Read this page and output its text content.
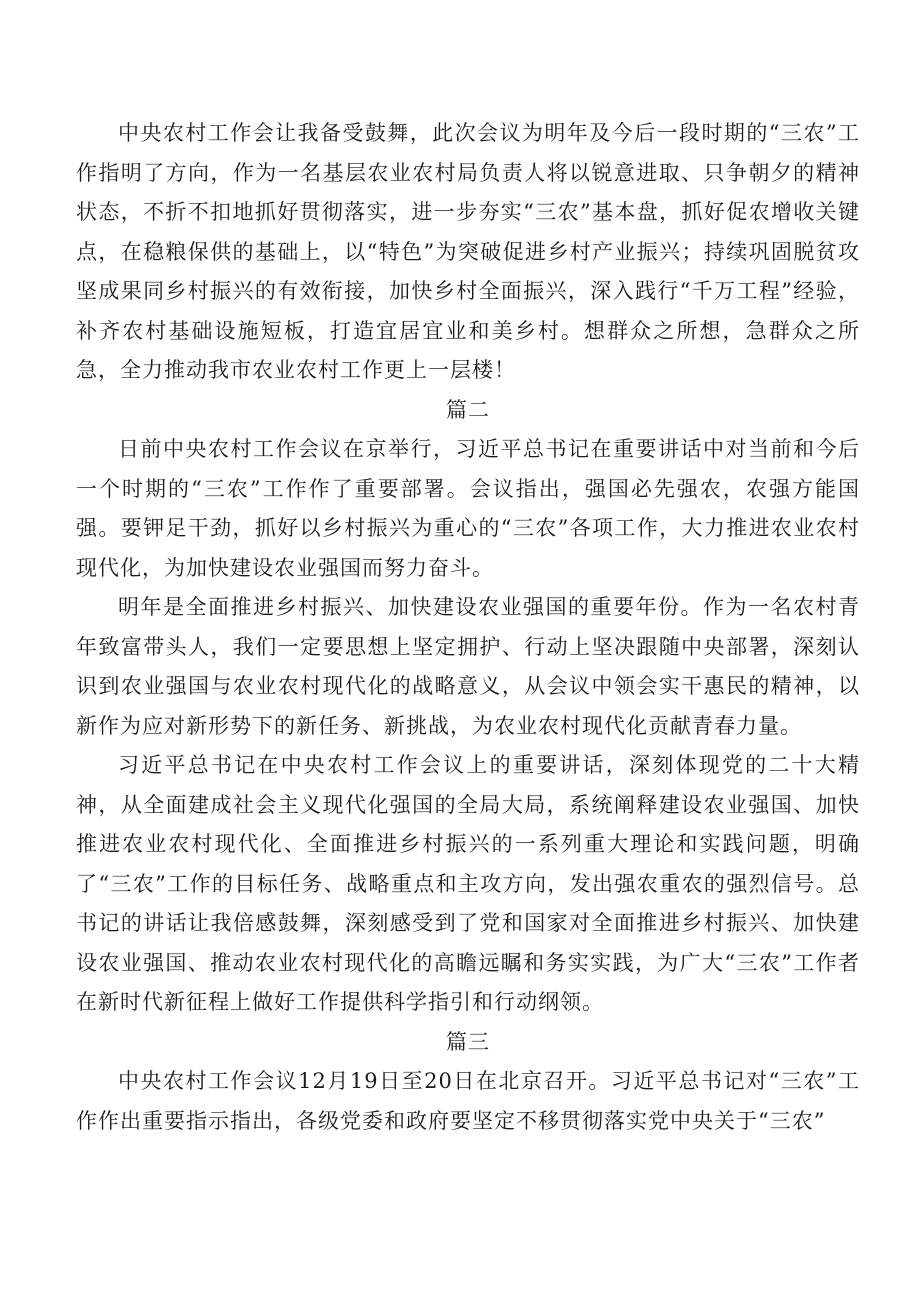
中央农村工作会让我备受鼓舞，此次会议为明年及今后一段时期的“三农”工作指明了方向，作为一名基层农业农村局负责人将以锐意进取、只争朝夕的精神状态，不折不扣地抓好贯彻落实，进一步夯实“三农”基本盘，抓好促农增收关键点，在稳粮保供的基础上，以“特色”为突破促进乡村产业振兴；持续巩固脱贫攻坚成果同乡村振兴的有效衔接，加快乡村全面振兴，深入践行“千万工程”经验，补齐农村基础设施短板，打造宜居宜业和美乡村。想群众之所想，急群众之所急，全力推动我市农业农村工作更上一层楼！

篇二

日前中央农村工作会议在京举行，习近平总书记在重要讲话中对当前和今后一个时期的“三农”工作作了重要部署。会议指出，强国必先强农，农强方能国强。要钾足干劲，抓好以乡村振兴为重心的“三农”各项工作，大力推进农业农村现代化，为加快建设农业强国而努力奋斗。

明年是全面推进乡村振兴、加快建设农业强国的重要年份。作为一名农村青年致富带头人，我们一定要思想上坚定拥护、行动上坚决跟随中央部署，深刻认识到农业强国与农业农村现代化的战略意义，从会议中领会实干惠民的精神，以新作为应对新形势下的新任务、新挑战，为农业农村现代化贡献青春力量。

习近平总书记在中央农村工作会议上的重要讲话，深刻体现党的二十大精神，从全面建成社会主义现代化强国的全局大局，系统阐释建设农业强国、加快推进农业农村现代化、全面推进乡村振兴的一系列重大理论和实践问题，明确了“三农”工作的目标任务、战略重点和主攻方向，发出强农重农的强烈信号。总书记的讲话让我倍感鼓舞，深刻感受到了党和国家对全面推进乡村振兴、加快建设农业强国、推动农业农村现代化的高瞻远瞩和务实实践，为广大“三农”工作者在新时代新征程上做好工作提供科学指引和行动纲领。

篇三

中央农村工作会议12月19日至20日在北京召开。习近平总书记对“三农”工作作出重要指示指出，各级党委和政府要坚定不移贯彻落实党中央关于“三农”
